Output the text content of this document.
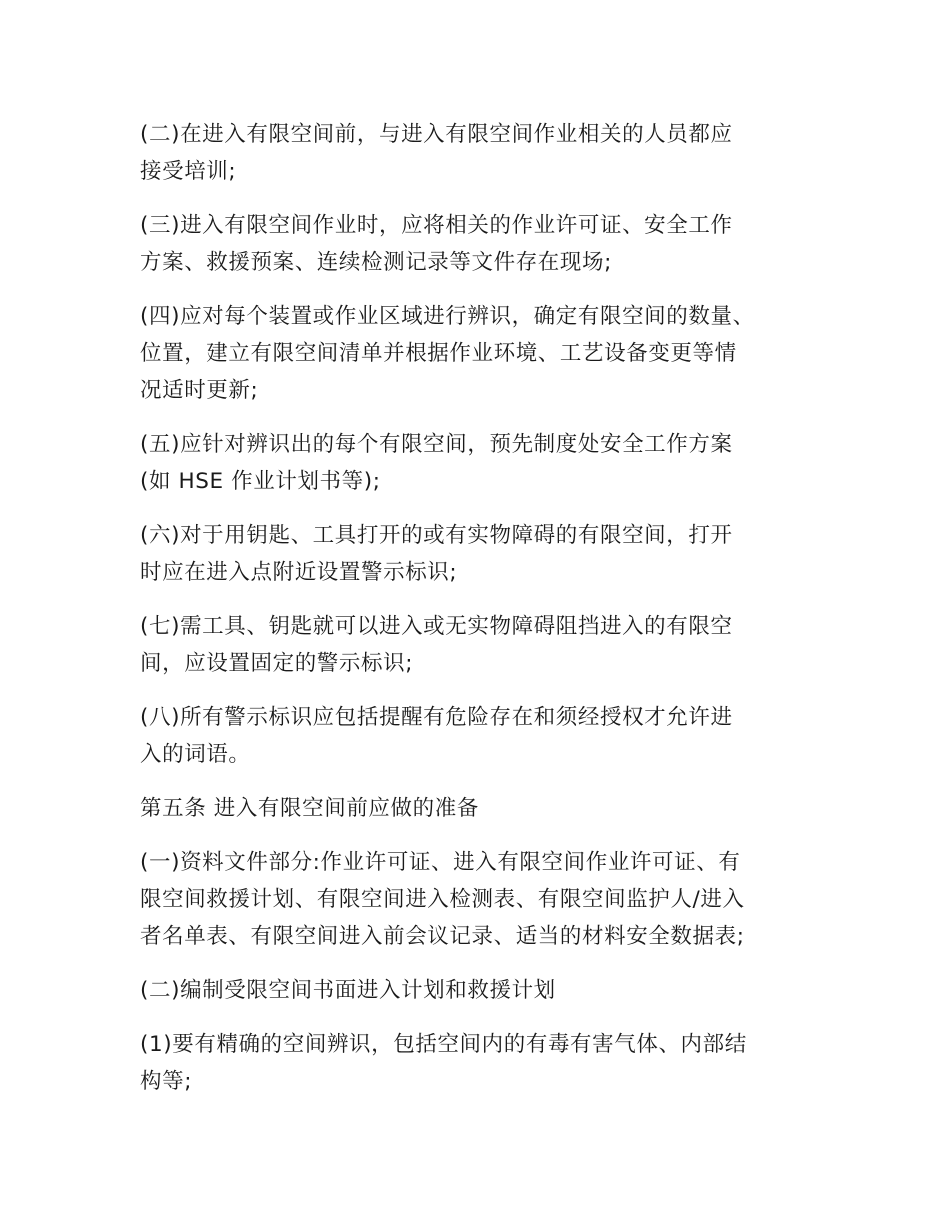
(二)在进入有限空间前，与进入有限空间作业相关的人员都应
接受培训;

(三)进入有限空间作业时，应将相关的作业许可证、安全工作
方案、救援预案、连续检测记录等文件存在现场;

(四)应对每个装置或作业区域进行辨识，确定有限空间的数量、
位置，建立有限空间清单并根据作业环境、工艺设备变更等情
况适时更新;

(五)应针对辨识出的每个有限空间，预先制度处安全工作方案
(如 HSE 作业计划书等);

(六)对于用钥匙、工具打开的或有实物障碍的有限空间，打开
时应在进入点附近设置警示标识;

(七)需工具、钥匙就可以进入或无实物障碍阻挡进入的有限空
间，应设置固定的警示标识;

(八)所有警示标识应包括提醒有危险存在和须经授权才允许进
入的词语。

第五条 进入有限空间前应做的准备

(一)资料文件部分:作业许可证、进入有限空间作业许可证、有
限空间救援计划、有限空间进入检测表、有限空间监护人/进入
者名单表、有限空间进入前会议记录、适当的材料安全数据表;

(二)编制受限空间书面进入计划和救援计划

(1)要有精确的空间辨识，包括空间内的有毒有害气体、内部结
构等;
